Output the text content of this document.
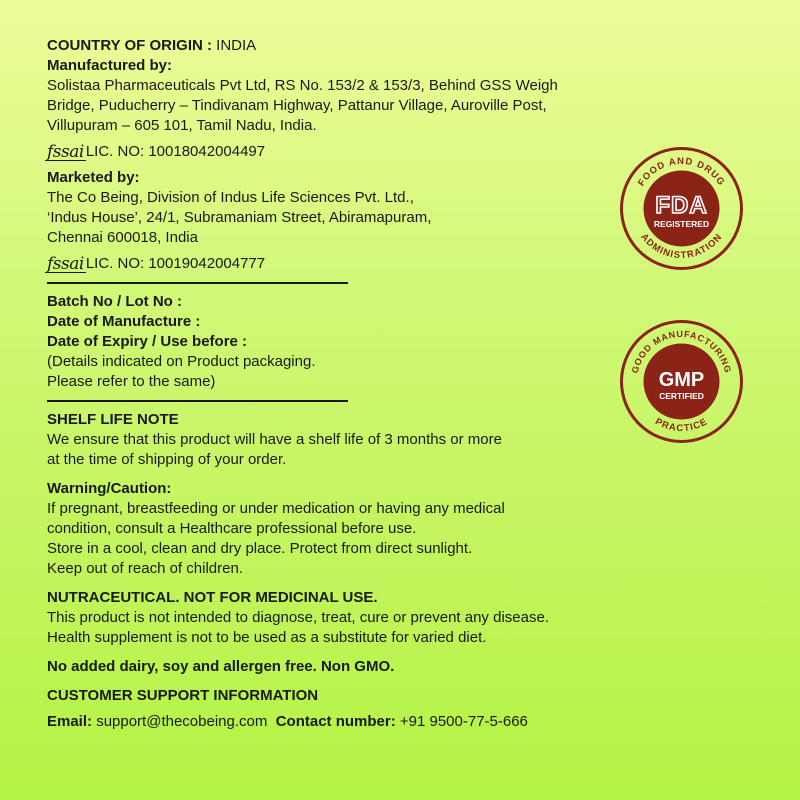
COUNTRY OF ORIGIN : INDIA

Manufactured by:

Solistaa Pharmaceuticals Pvt Ltd, RS No. 153/2 & 153/3, Behind GSS Weigh

Bridge, Puducherry – Tindivanam Highway, Pattanur Village, Auroville Post,

Villupuram – 605 101, Tamil Nadu, India.

fssai LIC. NO: 10018042004497

Marketed by:

The Co Being, Division of Indus Life Sciences Pvt. Ltd.,

‘Indus House’, 24/1, Subramaniam Street, Abiramapuram,

Chennai 600018, India

fssai LIC. NO: 10019042004777

Batch No / Lot No :

Date of Manufacture :

Date of Expiry / Use before :

(Details indicated on Product packaging.

Please refer to the same)

SHELF LIFE NOTE

We ensure that this product will have a shelf life of 3 months or more

at the time of shipping of your order.

Warning/Caution:

If pregnant, breastfeeding or under medication or having any medical

condition, consult a Healthcare professional before use.

Store in a cool, clean and dry place. Protect from direct sunlight.

Keep out of reach of children.

NUTRACEUTICAL. NOT FOR MEDICINAL USE.

This product is not intended to diagnose, treat, cure or prevent any disease.

Health supplement is not to be used as a substitute for varied diet.

No added dairy, soy and allergen free. Non GMO.

CUSTOMER SUPPORT INFORMATION

Email: support@thecobeing.com Contact number: +91 9500-77-5-666

FOOD AND DRUG
ADMINISTRATION
FDA
REGISTERED
GOOD MANUFACTURING
PRACTICE
GMP
CERTIFIED
